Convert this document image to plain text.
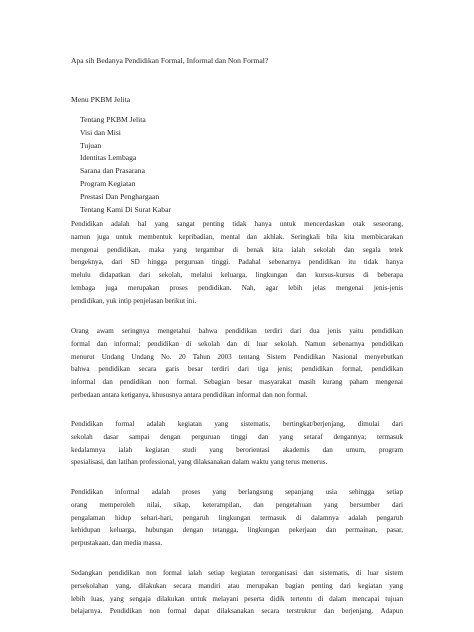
Apa sih Bedanya Pendidikan Formal, Informal dan Non Formal?
Menu PKBM Jelita
Tentang PKBM Jelita
Visi dan Misi
Tujuan
Identitas Lembaga
Sarana dan Prasarana
Program Kegiatan
Prestasi Dan Penghargaan
Tentang Kami Di Surat Kabar
Pendidikan adalah hal yang sangat penting tidak hanya untuk mencerdaskan otak seseorang,
namun juga untuk membentuk kepribadian, mental dan akhlak. Seringkali bila kita membicarakan
mengenai pendidikan, maka yang tergambar di benak kita ialah sekolah dan segala tetek
bengeknya, dari SD hingga perguruan tinggi. Padahal sebenarnya pendidikan itu tidak hanya
melulu didapatkan dari sekolah, melalui keluarga, lingkungan dan kursus-kursus di beberapa
lembaga juga merupakan proses pendidikan. Nah, agar lebih jelas mengenai jenis-jenis
pendidikan, yuk intip penjelasan berikut ini.
Orang awam seringnya mengetahui bahwa pendidikan terdiri dari dua jenis yaitu pendidikan
formal dan informal; pendidikan di sekolah dan di luar sekolah. Namun sebenarnya pendidikan
menurut Undang Undang No. 20 Tahun 2003 tentang Sistem Pendidikan Nasional menyebutkan
bahwa pendidikan secara garis besar terdiri dari tiga jenis; pendidikan formal, pendidikan
informal dan pendidikan non formal. Sebagian besar masyarakat masih kurang paham mengenai
perbedaan antara ketiganya, khususnya antara pendidikan informal dan non formal.
Pendidikan formal adalah kegiatan yang sistematis, bertingkat/berjenjang, dimulai dari
sekolah dasar sampai dengan perguruan tinggi dan yang setaraf dengannya; termasuk
kedalamnya ialah kegiatan studi yang berorientasi akademis dan umum, program
spesialisasi, dan latihan professional, yang dilaksanakan dalam waktu yang terus menerus.
Pendidikan informal adalah proses yang berlangsung sepanjang usia sehingga setiap
orang memperoleh nilai, sikap, keterampilan, dan pengetahuan yang bersumber dari
pengalaman hidup sehari-hari, pengaruh lingkungan termasuk di dalamnya adalah pengaruh
kehidupan keluarga, hubungan dengan tetangga, lingkungan pekerjaan dan permainan, pasar,
perpustakaan, dan media massa.
Sedangkan pendidikan non formal ialah setiap kegiatan terorganisasi dan sistematis, di luar sistem
persekolahan yang, dilakukan secara mandiri atau merupakan bagian penting dari kegiatan yang
lebih luas, yang sengaja dilakukan untuk melayani peserta didik tertentu di dalam mencapai tujuan
belajarnya. Pendidikan non formal dapat dilaksanakan secara terstruktur dan berjenjang. Adapun
